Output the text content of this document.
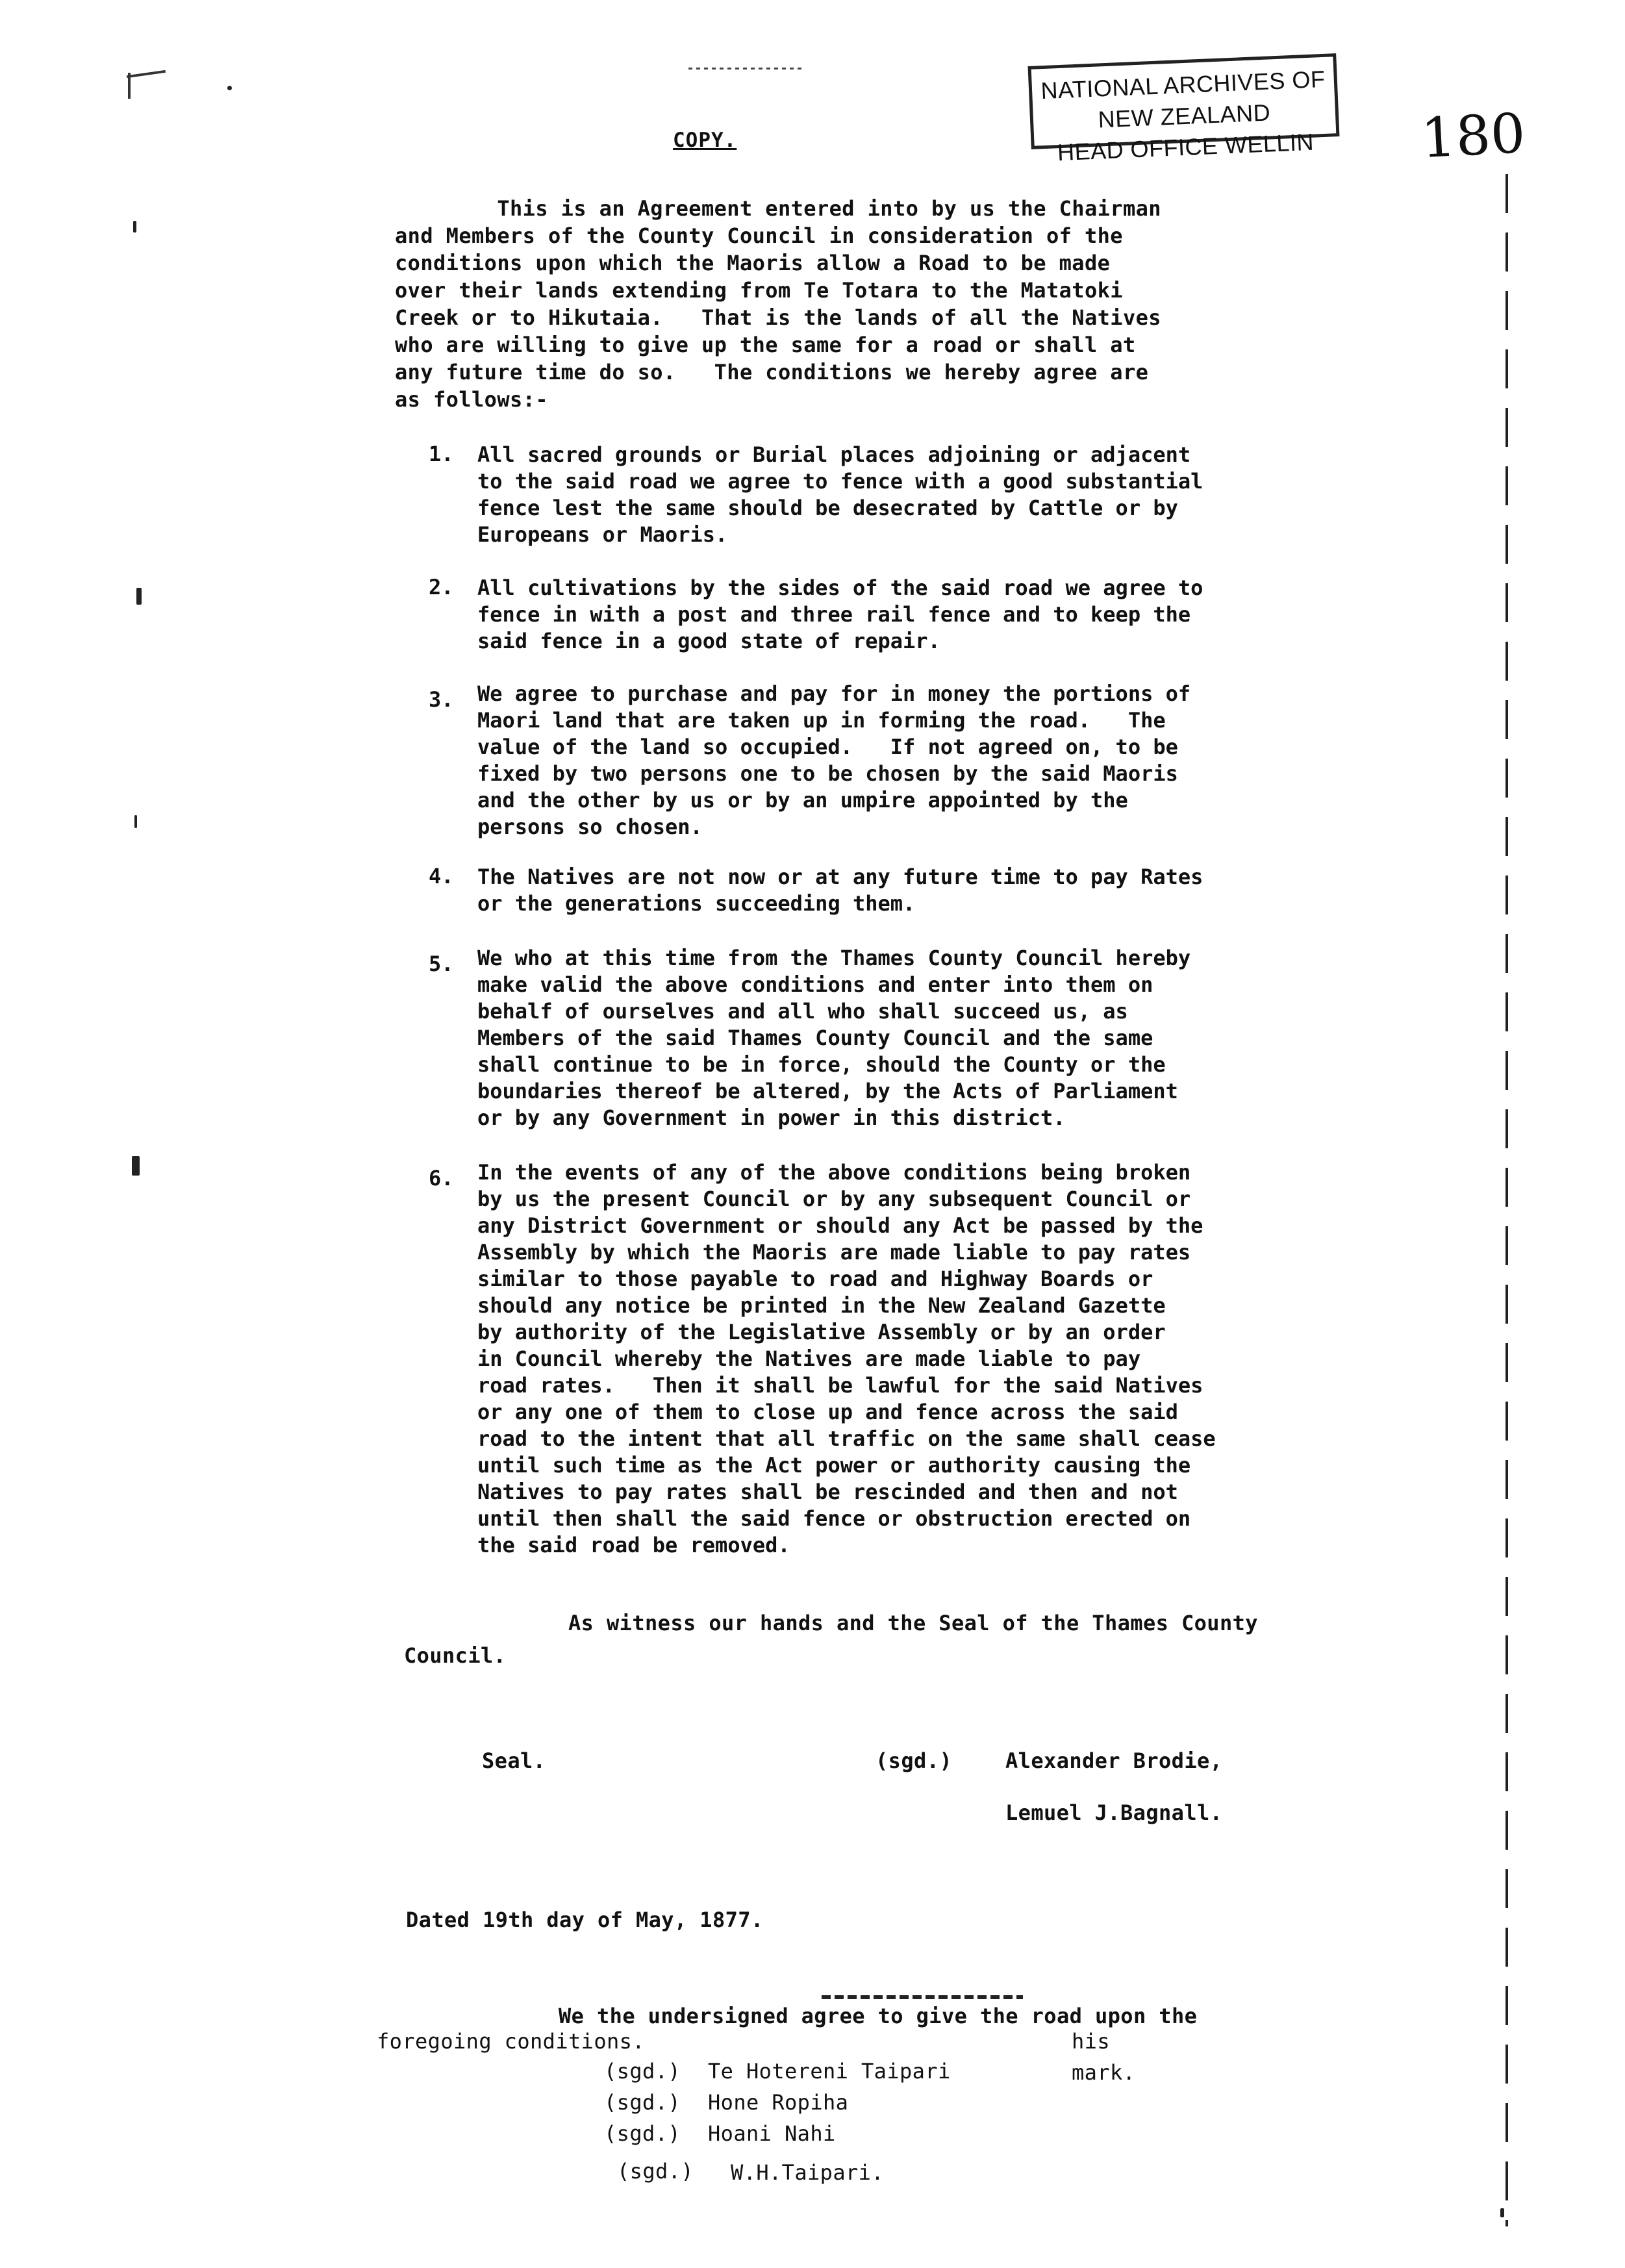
NATIONAL ARCHIVES OF NEW ZEALAND
HEAD OFFICE WELLIN	180
COPY.
This is an Agreement entered into by us the Chairman
and Members of the County Council in consideration of the
conditions upon which the Maoris allow a Road to be made
over their lands extending from Te Totara to the Matatoki
Creek or to Hikutaia.   That is the lands of all the Natives
who are willing to give up the same for a road or shall at
any future time do so.   The conditions we hereby agree are
as follows:-
1. All sacred grounds or Burial places adjoining or adjacent
to the said road we agree to fence with a good substantial
fence lest the same should be desecrated by Cattle or by
Europeans or Maoris.
2. All cultivations by the sides of the said road we agree to
fence in with a post and three rail fence and to keep the
said fence in a good state of repair.
3. We agree to purchase and pay for in money the portions of
Maori land that are taken up in forming the road.   The
value of the land so occupied.   If not agreed on, to be
fixed by two persons one to be chosen by the said Maoris
and the other by us or by an umpire appointed by the
persons so chosen.
4. The Natives are not now or at any future time to pay Rates
or the generations succeeding them.
5. We who at this time from the Thames County Council hereby
make valid the above conditions and enter into them on
behalf of ourselves and all who shall succeed us, as
Members of the said Thames County Council and the same
shall continue to be in force, should the County or the
boundaries thereof be altered, by the Acts of Parliament
or by any Government in power in this district.
6. In the events of any of the above conditions being broken
by us the present Council or by any subsequent Council or
any District Government or should any Act be passed by the
Assembly by which the Maoris are made liable to pay rates
similar to those payable to road and Highway Boards or
should any notice be printed in the New Zealand Gazette
by authority of the Legislative Assembly or by an order
in Council whereby the Natives are made liable to pay
road rates.   Then it shall be lawful for the said Natives
or any one of them to close up and fence across the said
road to the intent that all traffic on the same shall cease
until such time as the Act power or authority causing the
Natives to pay rates shall be rescinded and then and not
until then shall the said fence or obstruction erected on
the said road be removed.
As witness our hands and the Seal of the Thames County
Council.
Seal.	(sgd.)	Alexander Brodie,
Lemuel J.Bagnall.
Dated 19th day of May, 1877.
We the undersigned agree to give the road upon the
foregoing conditions.	his
mark.
(sgd.) Te Hotereni Taipari
(sgd.) Hone Ropiha
(sgd.) Hoani Nahi
(sgd.) W.H.Taipari.
